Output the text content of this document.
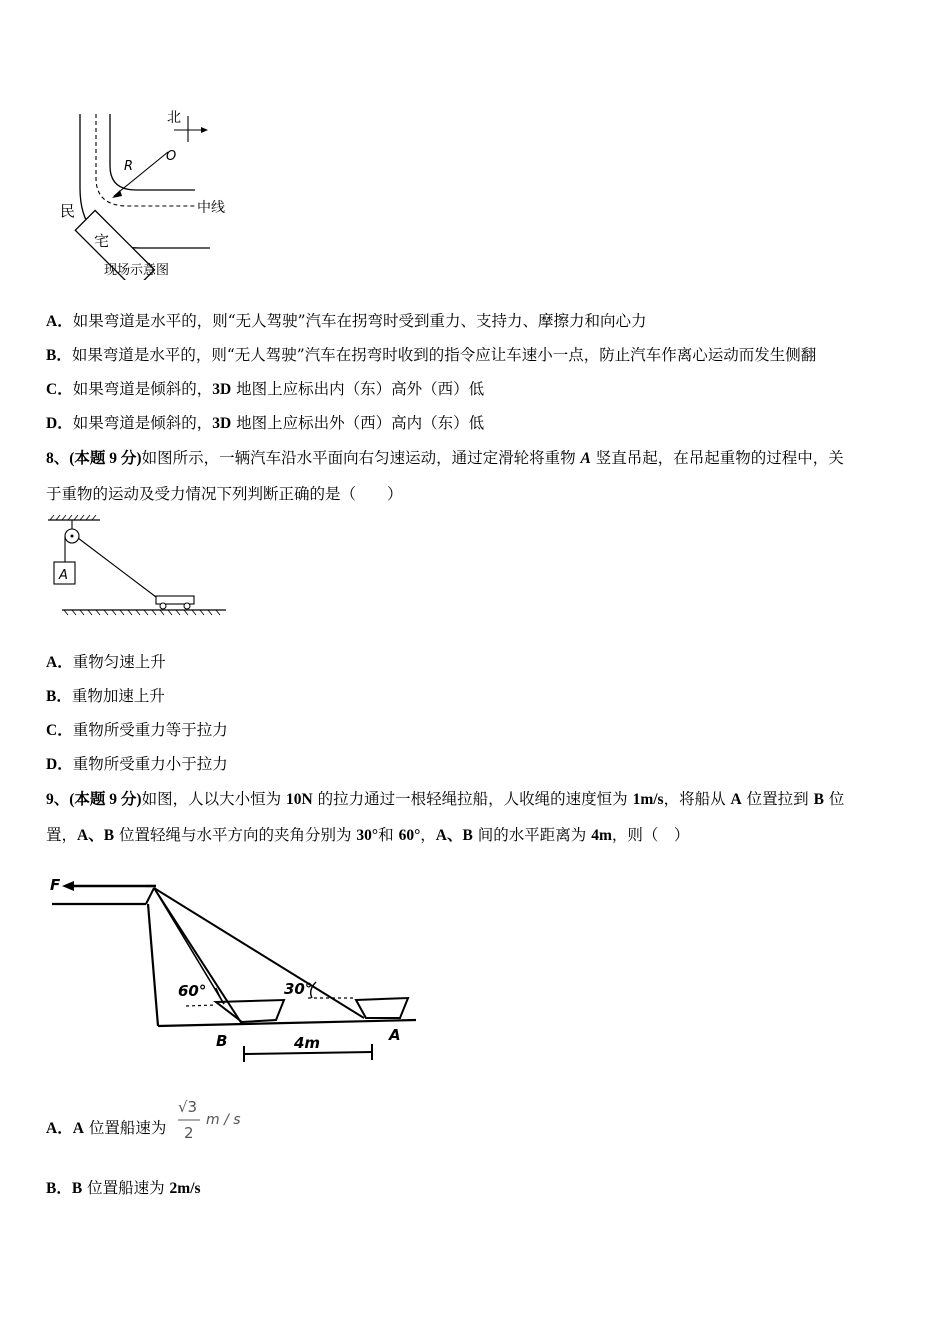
北
O
R
中线
民
宅
现场示意图
A．如果弯道是水平的，则“无人驾驶”汽车在拐弯时受到重力、支持力、摩擦力和向心力
B．如果弯道是水平的，则“无人驾驶”汽车在拐弯时收到的指令应让车速小一点，防止汽车作离心运动而发生侧翻
C．如果弯道是倾斜的，3D 地图上应标出内（东）高外（西）低
D．如果弯道是倾斜的，3D 地图上应标出外（西）高内（东）低
8、(本题 9 分)如图所示，一辆汽车沿水平面向右匀速运动，通过定滑轮将重物 A 竖直吊起，在吊起重物的过程中，关
于重物的运动及受力情况下列判断正确的是（　　）
A
A．重物匀速上升
B．重物加速上升
C．重物所受重力等于拉力
D．重物所受重力小于拉力
9、(本题 9 分)如图，人以大小恒为 10N 的拉力通过一根轻绳拉船，人收绳的速度恒为 1m/s，将船从 A 位置拉到 B 位
置，A、B 位置轻绳与水平方向的夹角分别为 30°和 60°，A、B 间的水平距离为 4m，则（　）
F
60°	30°
B	A
4m
A．A 位置船速为
√3
2
m / s
B．B 位置船速为 2m/s
